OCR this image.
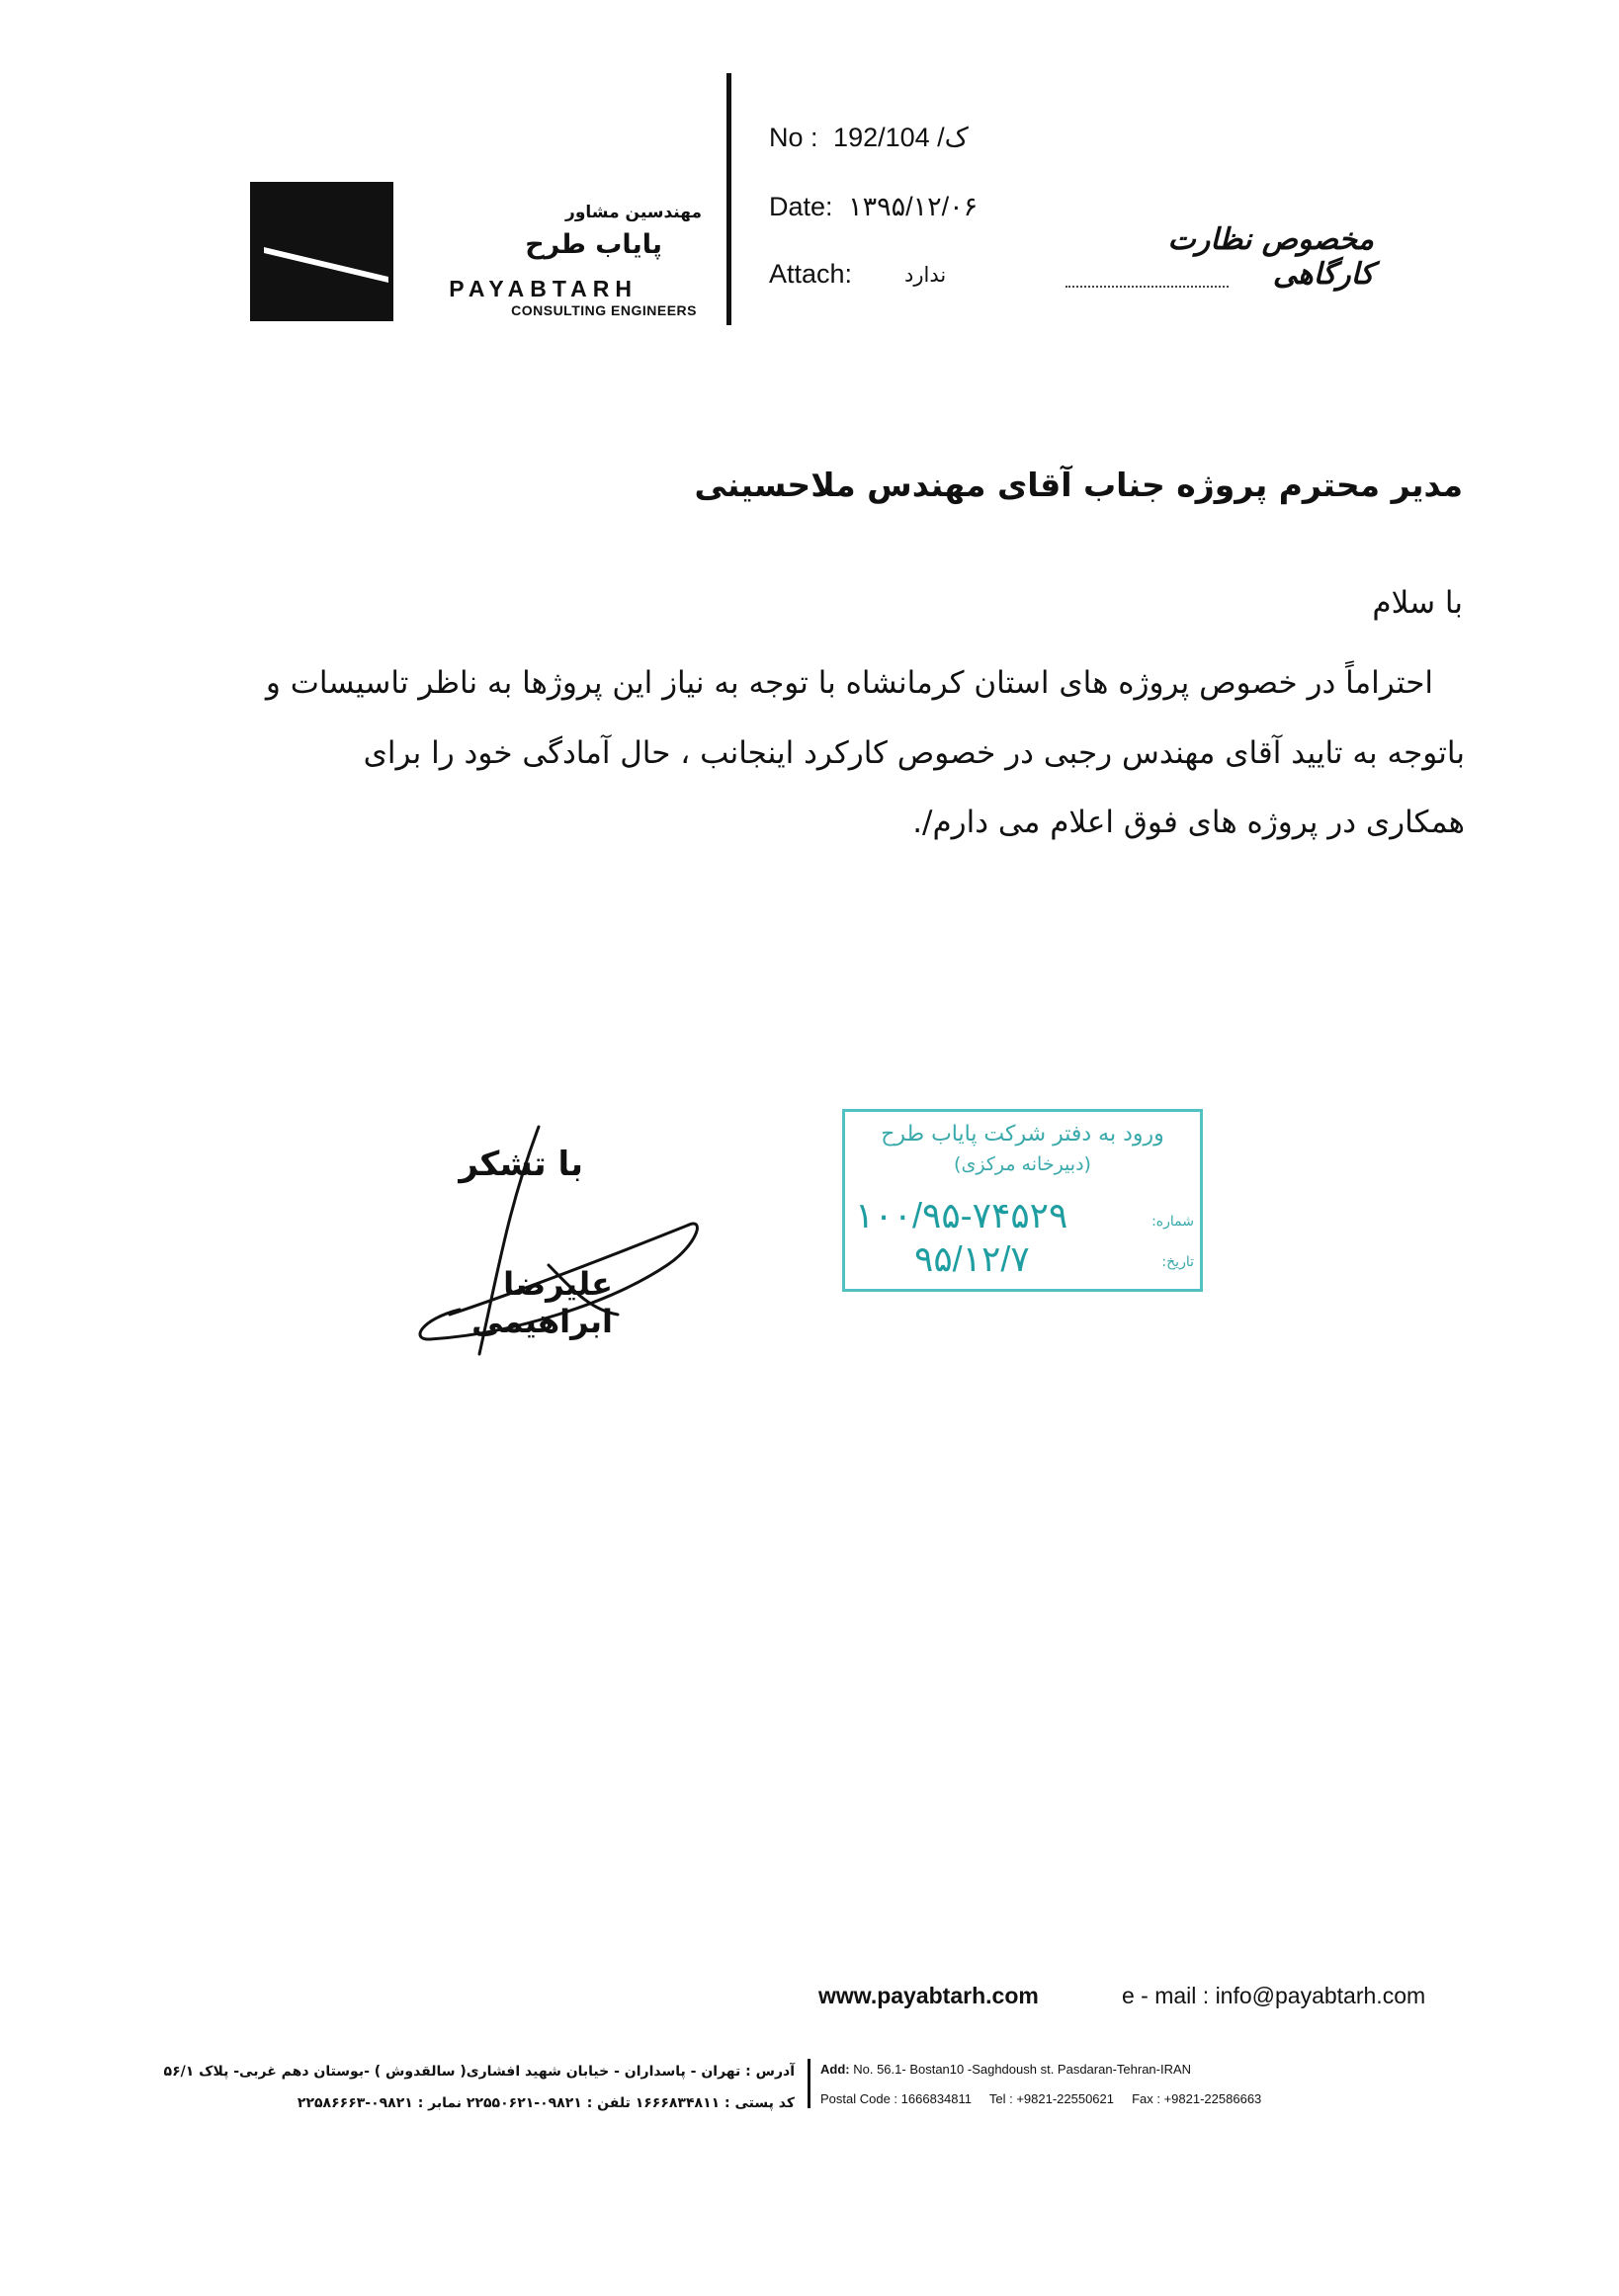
مهندسین مشاور
پایاب طرح
PAYABTARH
CONSULTING ENGINEERS
No : 192/ک/ 104
Date: ۱۳۹۵/۱۲/۰۶
Attach:	ندارد
مخصوص نظارت کارگاهی
مدیر محترم پروژه جناب آقای مهندس ملاحسینی
با سلام
احتراماً در خصوص پروژه های استان کرمانشاه با توجه به نیاز این پروژها به ناظر تاسیسات و
باتوجه به تایید آقای مهندس رجبی در خصوص کارکرد اینجانب ، حال آمادگی خود را برای
همکاری در پروژه های فوق اعلام می دارم/.
با تشکر
علیرضا ابراهیمی
ورود به دفتر شرکت پایاب طرح
(دبیرخانه مرکزی)
شماره:
۱۰۰/۹۵-۷۴۵۲۹
تاریخ:
۹۵/۱۲/۷
www.payabtarh.com	e - mail : info@payabtarh.com
آدرس : تهران - پاسداران - خیابان شهید افشاری( سالقدوش ) -بوستان دهم غربی- پلاک ۵۶/۱
کد پستی : ۱۶۶۶۸۳۴۸۱۱ تلفن : ۰۹۸۲۱-۲۲۵۵۰۶۲۱ نمابر : ۰۹۸۲۱-۲۲۵۸۶۶۶۳
Add: No. 56.1- Bostan10 -Saghdoush st. Pasdaran-Tehran-IRAN
Postal Code : 1666834811 Tel : +9821-22550621 Fax : +9821-22586663
